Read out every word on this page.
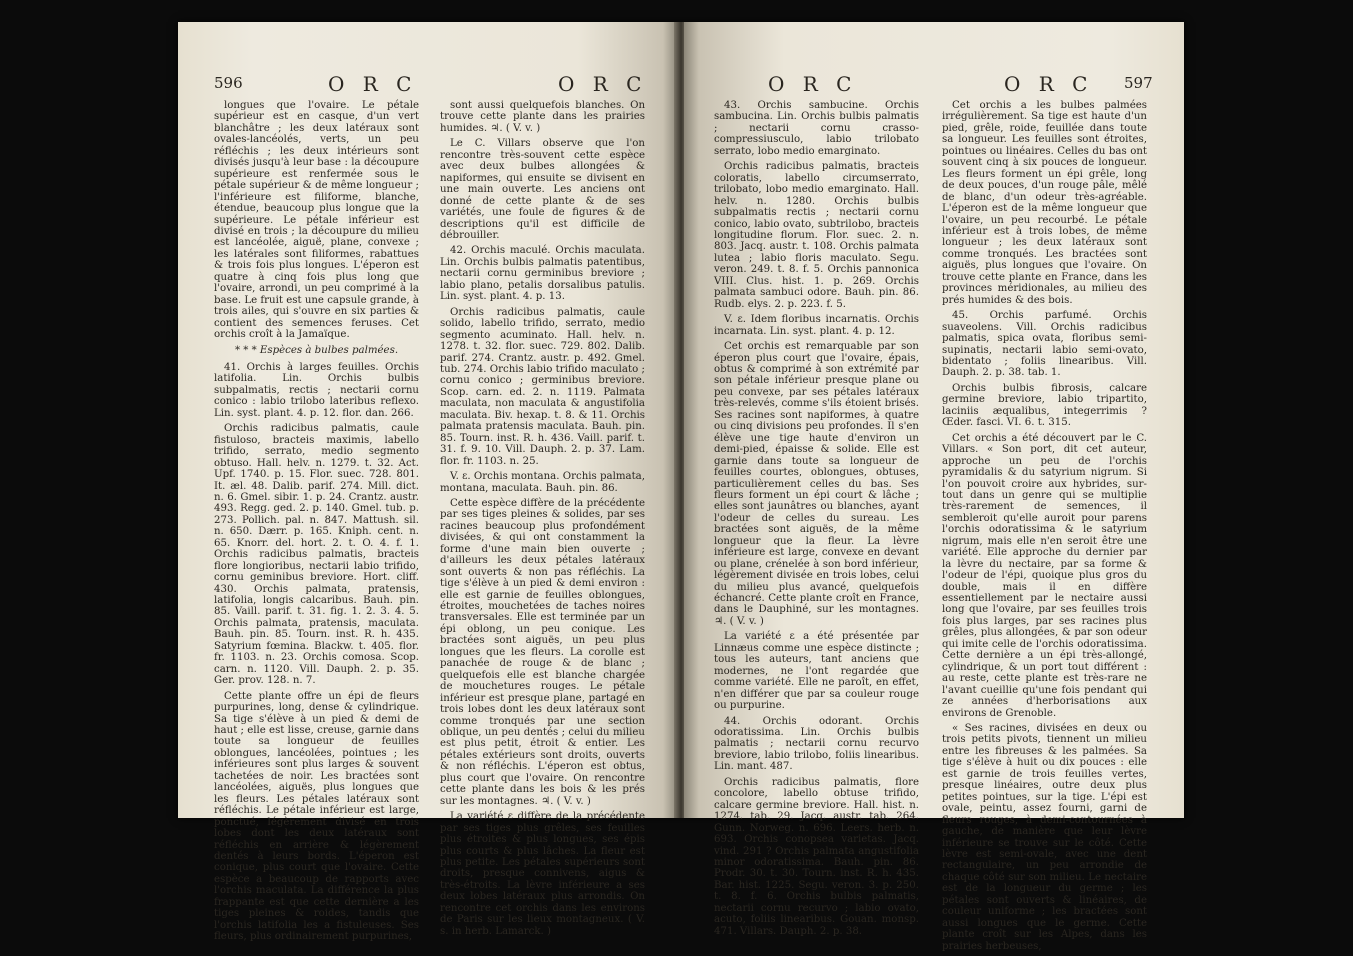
596	O R C	O R C

longues que l'ovaire. Le pétale supérieur est en casque, d'un vert blanchâtre ; les deux latéraux sont ovales-lancéolés, verts, un peu réfléchis ; les deux intérieurs sont divisés jusqu'à leur base : la découpure supérieure est renfermée sous le pétale supérieur & de même longueur ; l'inférieure est filiforme, blanche, étendue, beaucoup plus longue que la supérieure. Le pétale inférieur est divisé en trois ; la découpure du milieu est lancéolée, aiguë, plane, convexe ; les latérales sont filiformes, rabattues & trois fois plus longues. L'éperon est quatre à cinq fois plus long que l'ovaire, arrondi, un peu comprimé à la base. Le fruit est une capsule grande, à trois ailes, qui s'ouvre en six parties & contient des semences feruses. Cet orchis croît à la Jamaïque.

* * * Espèces à bulbes palmées.

41. Orchis à larges feuilles. Orchis latifolia. Lin. Orchis bulbis subpalmatis, rectis ; nectarii cornu conico : labio trilobo lateribus reflexo. Lin. syst. plant. 4. p. 12. flor. dan. 266.

Orchis radicibus palmatis, caule fistuloso, bracteis maximis, labello trifido, serrato, medio segmento obtuso. Hall. helv. n. 1279. t. 32. Act. Upf. 1740. p. 15. Flor. suec. 728. 801. It. æl. 48. Dalib. parif. 274. Mill. dict. n. 6. Gmel. sibir. 1. p. 24. Crantz. austr. 493. Regg. ged. 2. p. 140. Gmel. tub. p. 273. Pollich. pal. n. 847. Mattush. sil. n. 650. Dærr. p. 165. Kniph. cent. n. 65. Knorr. del. hort. 2. t. O. 4. f. 1. Orchis radicibus palmatis, bracteis flore longioribus, nectarii labio trifido, cornu geminibus breviore. Hort. cliff. 430. Orchis palmata, pratensis, latifolia, longis calcaribus. Bauh. pin. 85. Vaill. parif. t. 31. fig. 1. 2. 3. 4. 5. Orchis palmata, pratensis, maculata. Bauh. pin. 85. Tourn. inst. R. h. 435. Satyrium fœmina. Blackw. t. 405. flor. fr. 1103. n. 23. Orchis comosa. Scop. carn. n. 1120. Vill. Dauph. 2. p. 35. Ger. prov. 128. n. 7.

Cette plante offre un épi de fleurs purpurines, long, dense & cylindrique. Sa tige s'élève à un pied & demi de haut ; elle est lisse, creuse, garnie dans toute sa longueur de feuilles oblongues, lancéolées, pointues ; les inférieures sont plus larges & souvent tachetées de noir. Les bractées sont lancéolées, aiguës, plus longues que les fleurs. Les pétales latéraux sont réfléchis. Le pétale inférieur est large, ponctué, légèrement divisé en trois lobes dont les deux latéraux sont réfléchis en arrière & légèrement dentés à leurs bords. L'éperon est conique, plus court que l'ovaire. Cette espèce a beaucoup de rapports avec l'orchis maculata. La différence la plus frappante est que cette dernière a les tiges pleines & roides, tandis que l'orchis latifolia les a fistuleuses. Ses fleurs, plus ordinairement purpurines,

sont aussi quelquefois blanches. On trouve cette plante dans les prairies humides. ♃. ( V. v. )

Le C. Villars observe que l'on rencontre très-souvent cette espèce avec deux bulbes allongées & napiformes, qui ensuite se divisent en une main ouverte. Les anciens ont donné de cette plante & de ses variétés, une foule de figures & de descriptions qu'il est difficile de débrouiller.

42. Orchis maculé. Orchis maculata. Lin. Orchis bulbis palmatis patentibus, nectarii cornu germinibus breviore ; labio plano, petalis dorsalibus patulis. Lin. syst. plant. 4. p. 13.

Orchis radicibus palmatis, caule solido, labello trifido, serrato, medio segmento acuminato. Hall. helv. n. 1278. t. 32. flor. suec. 729. 802. Dalib. parif. 274. Crantz. austr. p. 492. Gmel. tub. 274. Orchis labio trifido maculato ; cornu conico ; germinibus breviore. Scop. carn. ed. 2. n. 1119. Palmata maculata, non maculata & angustifolia maculata. Biv. hexap. t. 8. & 11. Orchis palmata pratensis maculata. Bauh. pin. 85. Tourn. inst. R. h. 436. Vaill. parif. t. 31. f. 9. 10. Vill. Dauph. 2. p. 37. Lam. flor. fr. 1103. n. 25.

V. ε. Orchis montana. Orchis palmata, montana, maculata. Bauh. pin. 86.

Cette espèce diffère de la précédente par ses tiges pleines & solides, par ses racines beaucoup plus profondément divisées, & qui ont constamment la forme d'une main bien ouverte ; d'ailleurs les deux pétales latéraux sont ouverts & non pas réfléchis. La tige s'élève à un pied & demi environ : elle est garnie de feuilles oblongues, étroites, mouchetées de taches noires transversales. Elle est terminée par un épi oblong, un peu conique. Les bractées sont aiguës, un peu plus longues que les fleurs. La corolle est panachée de rouge & de blanc ; quelquefois elle est blanche chargée de mouchetures rouges. Le pétale inférieur est presque plane, partagé en trois lobes dont les deux latéraux sont comme tronqués par une section oblique, un peu dentés ; celui du milieu est plus petit, étroit & entier. Les pétales extérieurs sont droits, ouverts & non réfléchis. L'éperon est obtus, plus court que l'ovaire. On rencontre cette plante dans les bois & les prés sur les montagnes. ♃. ( V. v. )

La variété ε diffère de la précédente par ses tiges plus grêles, ses feuilles plus étroites & plus longues, ses épis plus courts & plus lâches. La fleur est plus petite. Les pétales supérieurs sont droits, presque connivens, aigus & très-étroits. La lèvre inférieure a ses deux lobes latéraux plus arrondis. On rencontre cet orchis dans les environs de Paris sur les lieux montagneux. ( V. s. in herb. Lamarck. )

O R C	O R C 597

43. Orchis sambucine. Orchis sambucina. Lin. Orchis bulbis palmatis ; nectarii cornu crasso-compressiusculo, labio trilobato serrato, lobo medio emarginato.

Orchis radicibus palmatis, bracteis coloratis, labello circumserrato, trilobato, lobo medio emarginato. Hall. helv. n. 1280. Orchis bulbis subpalmatis rectis ; nectarii cornu conico, labio ovato, subtrilobo, bracteis longitudine florum. Flor. suec. 2. n. 803. Jacq. austr. t. 108. Orchis palmata lutea ; labio floris maculato. Segu. veron. 249. t. 8. f. 5. Orchis pannonica VIII. Clus. hist. 1. p. 269. Orchis palmata sambuci odore. Bauh. pin. 86. Rudb. elys. 2. p. 223. f. 5.

V. ε. Idem floribus incarnatis. Orchis incarnata. Lin. syst. plant. 4. p. 12.

Cet orchis est remarquable par son éperon plus court que l'ovaire, épais, obtus & comprimé à son extrémité par son pétale inférieur presque plane ou peu convexe, par ses pétales latéraux très-relevés, comme s'ils étoient brisés. Ses racines sont napiformes, à quatre ou cinq divisions peu profondes. Il s'en élève une tige haute d'environ un demi-pied, épaisse & solide. Elle est garnie dans toute sa longueur de feuilles courtes, oblongues, obtuses, particulièrement celles du bas. Ses fleurs forment un épi court & lâche ; elles sont jaunâtres ou blanches, ayant l'odeur de celles du sureau. Les bractées sont aiguës, de la même longueur que la fleur. La lèvre inférieure est large, convexe en devant ou plane, crénelée à son bord inférieur, légèrement divisée en trois lobes, celui du milieu plus avancé, quelquefois échancré. Cette plante croît en France, dans le Dauphiné, sur les montagnes. ♃. ( V. v. )

La variété ε a été présentée par Linnæus comme une espèce distincte ; tous les auteurs, tant anciens que modernes, ne l'ont regardée que comme variété. Elle ne paroît, en effet, n'en différer que par sa couleur rouge ou purpurine.

44. Orchis odorant. Orchis odoratissima. Lin. Orchis bulbis palmatis ; nectarii cornu recurvo breviore, labio trilobo, foliis linearibus. Lin. mant. 487.

Orchis radicibus palmatis, flore concolore, labello obtuse trifido, calcare germine breviore. Hall. hist. n. 1274. tab. 29. Jacq. austr. tab. 264. Gunn. Norweg. n. 696. Leers. herb. n. 693. Orchis conopsea varietas. Jacq. vind. 291 ? Orchis palmata angustifolia minor odoratissima. Bauh. pin. 86. Prodr. 30. t. 30. Tourn. inst. R. h. 435. Bar. hist. 1225. Segu. veron. 3. p. 250. t. 8. f. 6. Orchis bulbis palmatis, nectarii cornu recurvo ; labio ovato, acuto, foliis linearibus. Gouan. monsp. 471. Villars. Dauph. 2. p. 38.

Cet orchis a les bulbes palmées irrégulièrement. Sa tige est haute d'un pied, grêle, roide, feuillée dans toute sa longueur. Les feuilles sont étroites, pointues ou linéaires. Celles du bas ont souvent cinq à six pouces de longueur. Les fleurs forment un épi grêle, long de deux pouces, d'un rouge pâle, mêlé de blanc, d'un odeur très-agréable. L'éperon est de la même longueur que l'ovaire, un peu recourbé. Le pétale inférieur est à trois lobes, de même longueur ; les deux latéraux sont comme tronqués. Les bractées sont aiguës, plus longues que l'ovaire. On trouve cette plante en France, dans les provinces méridionales, au milieu des prés humides & des bois.

45. Orchis parfumé. Orchis suaveolens. Vill. Orchis radicibus palmatis, spica ovata, floribus semi-supinatis, nectarii labio semi-ovato, bidentato ; foliis linearibus. Vill. Dauph. 2. p. 38. tab. 1.

Orchis bulbis fibrosis, calcare germine breviore, labio tripartito, laciniis æqualibus, integerrimis ? Œder. fasci. VI. 6. t. 315.

Cet orchis a été découvert par le C. Villars. « Son port, dit cet auteur, approche un peu de l'orchis pyramidalis & du satyrium nigrum. Si l'on pouvoit croire aux hybrides, sur-tout dans un genre qui se multiplie très-rarement de semences, il sembleroit qu'elle auroit pour parens l'orchis odoratissima & le satyrium nigrum, mais elle n'en seroit être une variété. Elle approche du dernier par la lèvre du nectaire, par sa forme & l'odeur de l'épi, quoique plus gros du double, mais il en diffère essentiellement par le nectaire aussi long que l'ovaire, par ses feuilles trois fois plus larges, par ses racines plus grêles, plus allongées, & par son odeur qui imite celle de l'orchis odoratissima. Cette dernière a un épi très-allongé, cylindrique, & un port tout différent : au reste, cette plante est très-rare ne l'avant cueillie qu'une fois pendant qui ze années d'herborisations aux environs de Grenoble.

« Ses racines, divisées en deux ou trois petits pivots, tiennent un milieu entre les fibreuses & les palmées. Sa tige s'élève à huit ou dix pouces : elle est garnie de trois feuilles vertes, presque linéaires, outre deux plus petites pointues, sur la tige. L'épi est ovale, peintu, assez fourni, garni de fleurs rouges, à demi-contournées à gauche, de manière que leur lèvre inférieure se trouve sur le côté. Cette lèvre est semi-ovale, avec une dent rectangulaire, un peu arrondie de chaque côté sur son milieu. Le nectaire est de la longueur du germe ; les pétales sont ouverts & linéaires, de couleur uniforme ; les bractées sont aussi longues que le germe. Cette plante croît sur les Alpes, dans les prairies herbeuses,
